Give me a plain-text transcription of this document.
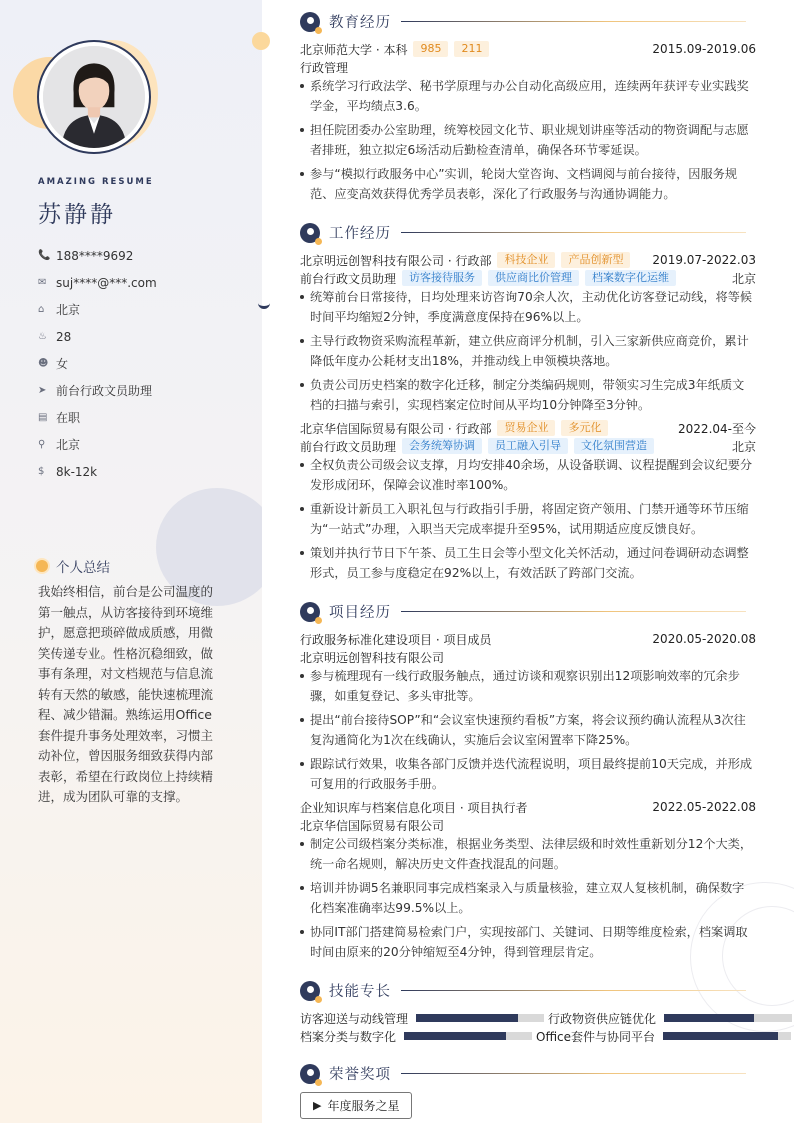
AMAZING RESUME
苏静静
📞 188****9692
✉ suj****@***.com
⌂ 北京
♨ 28
☻ 女
➤ 前台行政文员助理
▤ 在职
⚲ 北京
$ 8k-12k
个人总结
我始终相信，前台是公司温度的第一触点，从访客接待到环境维护，愿意把琐碎做成质感，用微笑传递专业。性格沉稳细致，做事有条理，对文档规范与信息流转有天然的敏感，能快速梳理流程、减少错漏。熟练运用Office套件提升事务处理效率，习惯主动补位，曾因服务细致获得内部表彰，希望在行政岗位上持续精进，成为团队可靠的支撑。
教育经历
北京师范大学 · 本科	985	211	2015.09-2019.06
行政管理
系统学习行政法学、秘书学原理与办公自动化高级应用，连续两年获评专业实践奖学金，平均绩点3.6。
担任院团委办公室助理，统筹校园文化节、职业规划讲座等活动的物资调配与志愿者排班，独立拟定6场活动后勤检查清单，确保各环节零延误。
参与“模拟行政服务中心”实训，轮岗大堂咨询、文档调阅与前台接待，因服务规范、应变高效获得优秀学员表彰，深化了行政服务与沟通协调能力。
工作经历
北京明远创智科技有限公司 · 行政部	科技企业	产品创新型	2019.07-2022.03
前台行政文员助理	访客接待服务	供应商比价管理	档案数字化运维	北京
统筹前台日常接待，日均处理来访咨询70余人次，主动优化访客登记动线，将等候时间平均缩短2分钟，季度满意度保持在96%以上。
主导行政物资采购流程革新，建立供应商评分机制，引入三家新供应商竞价，累计降低年度办公耗材支出18%，并推动线上申领模块落地。
负责公司历史档案的数字化迁移，制定分类编码规则，带领实习生完成3年纸质文档的扫描与索引，实现档案定位时间从平均10分钟降至3分钟。
北京华信国际贸易有限公司 · 行政部	贸易企业	多元化	2022.04-至今
前台行政文员助理	会务统筹协调	员工融入引导	文化氛围营造	北京
全权负责公司级会议支撑，月均安排40余场，从设备联调、议程提醒到会议纪要分发形成闭环，保障会议准时率100%。
重新设计新员工入职礼包与行政指引手册，将固定资产领用、门禁开通等环节压缩为“一站式”办理，入职当天完成率提升至95%，试用期适应度反馈良好。
策划并执行节日下午茶、员工生日会等小型文化关怀活动，通过问卷调研动态调整形式，员工参与度稳定在92%以上，有效活跃了跨部门交流。
项目经历
行政服务标准化建设项目 · 项目成员	2020.05-2020.08
北京明远创智科技有限公司
参与梳理现有一线行政服务触点，通过访谈和观察识别出12项影响效率的冗余步骤，如重复登记、多头审批等。
提出“前台接待SOP”和“会议室快速预约看板”方案，将会议预约确认流程从3次往复沟通简化为1次在线确认，实施后会议室闲置率下降25%。
跟踪试行效果，收集各部门反馈并迭代流程说明，项目最终提前10天完成，并形成可复用的行政服务手册。
企业知识库与档案信息化项目 · 项目执行者	2022.05-2022.08
北京华信国际贸易有限公司
制定公司级档案分类标准，根据业务类型、法律层级和时效性重新划分12个大类，统一命名规则，解决历史文件查找混乱的问题。
培训并协调5名兼职同事完成档案录入与质量核验，建立双人复核机制，确保数字化档案准确率达99.5%以上。
协同IT部门搭建简易检索门户，实现按部门、关键词、日期等维度检索，档案调取时间由原来的20分钟缩短至4分钟，得到管理层肯定。
技能专长
访客迎送与动线管理	行政物资供应链优化
档案分类与数字化	Office套件与协同平台
荣誉奖项
▶ 年度服务之星
